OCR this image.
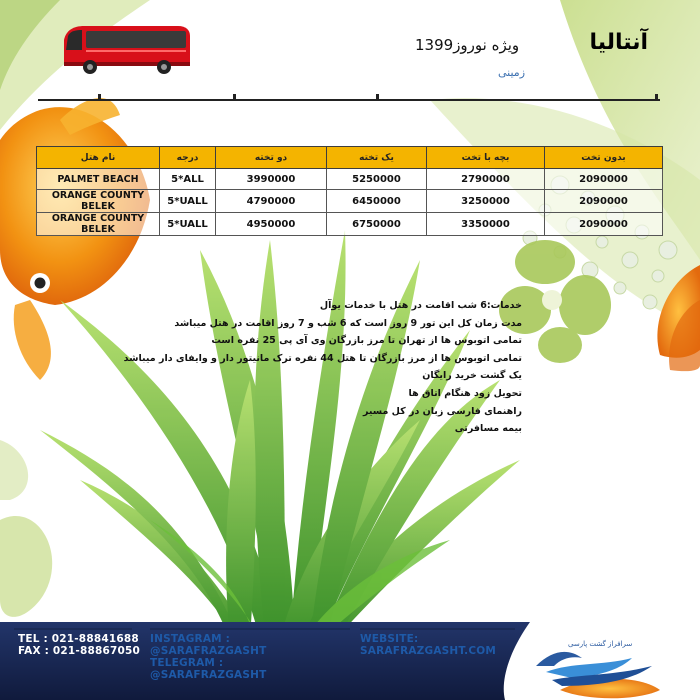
آنتالیا
ویژه نوروز1399
زمینی
نام هتل	درجه	دو تخته	یک تخته	بچه با تخت	بدون تخت
PALMET BEACH	5*ALL	3990000	5250000	2790000	2090000
ORANGE COUNTY BELEK	5*UALL	4790000	6450000	3250000	2090000
ORANGE COUNTY BELEK	5*UALL	4950000	6750000	3350000	2090000
خدمات:6 شب اقامت در هتل با خدمات یوآل
مدت زمان کل این تور 9 روز است که 6 شب و 7 روز اقامت در هتل میباشد
تمامی اتوبوس ها از تهران تا مرز بازرگان وی آی پی 25 نفره است
تمامی اتوبوس ها از مرز بازرگان تا هتل 44 نفره ترک مانیتور دار و وایفای دار میباشد
یک گشت خرید رایگان
تحویل زود هنگام اتاق ها
راهنمای فارسی زبان در کل مسیر
بیمه مسافرتی
TEL : 021-88841688
FAX : 021-88867050
INSTAGRAM :
@SARAFRAZGASHT
TELEGRAM :
@SARAFRAZGASHT
WEBSITE:
SARAFRAZGASHT.COM
سرافراز گشت پارسی
